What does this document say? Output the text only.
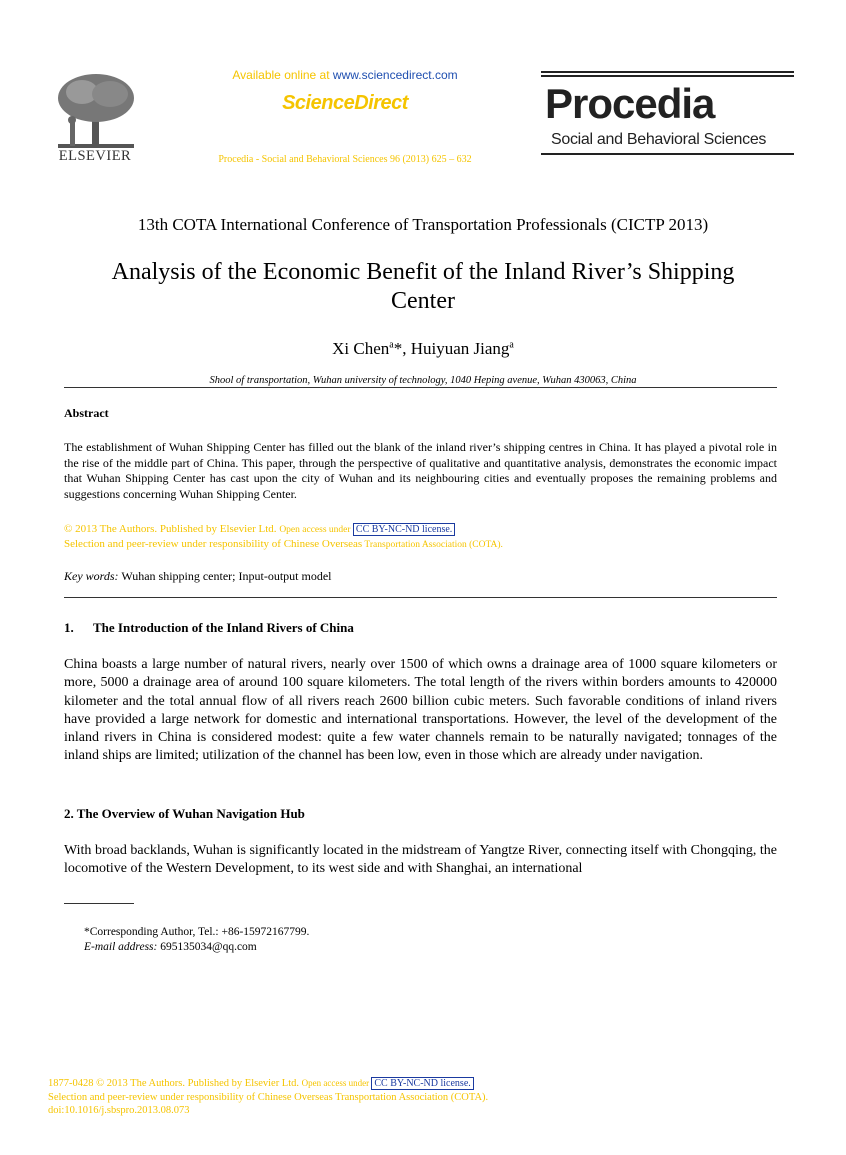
ELSEVIER
Available online at www.sciencedirect.com
ScienceDirect
Procedia - Social and Behavioral Sciences 96 (2013) 625 – 632
Procedia
Social and Behavioral Sciences
13th COTA International Conference of Transportation Professionals (CICTP 2013)
Analysis of the Economic Benefit of the Inland River’s Shipping
Center
Xi Chen$^a$*, Huiyuan Jiang$^a$
Shool of transportation, Wuhan university of technology, 1040 Heping avenue, Wuhan 430063, China
Abstract
The establishment of Wuhan Shipping Center has filled out the blank of the inland river’s shipping centres in China. It has played a pivotal role in the rise of the middle part of China. This paper, through the perspective of qualitative and quantitative analysis, demonstrates the economic impact that Wuhan Shipping Center has cast upon the city of Wuhan and its neighbouring cities and eventually proposes the remaining problems and suggestions concerning Wuhan Shipping Center.
© 2013 The Authors. Published by Elsevier Ltd. Open access under CC BY-NC-ND license.
Selection and peer-review under responsibility of Chinese Overseas Transportation Association (COTA).
Key words: Wuhan shipping center; Input-output model
1. The Introduction of the Inland Rivers of China
China boasts a large number of natural rivers, nearly over 1500 of which owns a drainage area of 1000 square kilometers or more, 5000 a drainage area of around 100 square kilometers. The total length of the rivers within borders amounts to 420000 kilometer and the total annual flow of all rivers reach 2600 billion cubic meters. Such favorable conditions of inland rivers have provided a large network for domestic and international transportations. However, the level of the development of the inland rivers in China is considered modest: quite a few water channels remain to be naturally navigated; tonnages of the inland ships are limited; utilization of the channel has been low, even in those which are already under navigation.
2. The Overview of Wuhan Navigation Hub
With broad backlands, Wuhan is significantly located in the midstream of Yangtze River, connecting itself with Chongqing, the locomotive of the Western Development, to its west side and with Shanghai, an international
*Corresponding Author, Tel.: +86-15972167799.
E-mail address: 695135034@qq.com
1877-0428 © 2013 The Authors. Published by Elsevier Ltd. Open access under CC BY-NC-ND license.
Selection and peer-review under responsibility of Chinese Overseas Transportation Association (COTA).
doi:10.1016/j.sbspro.2013.08.073
